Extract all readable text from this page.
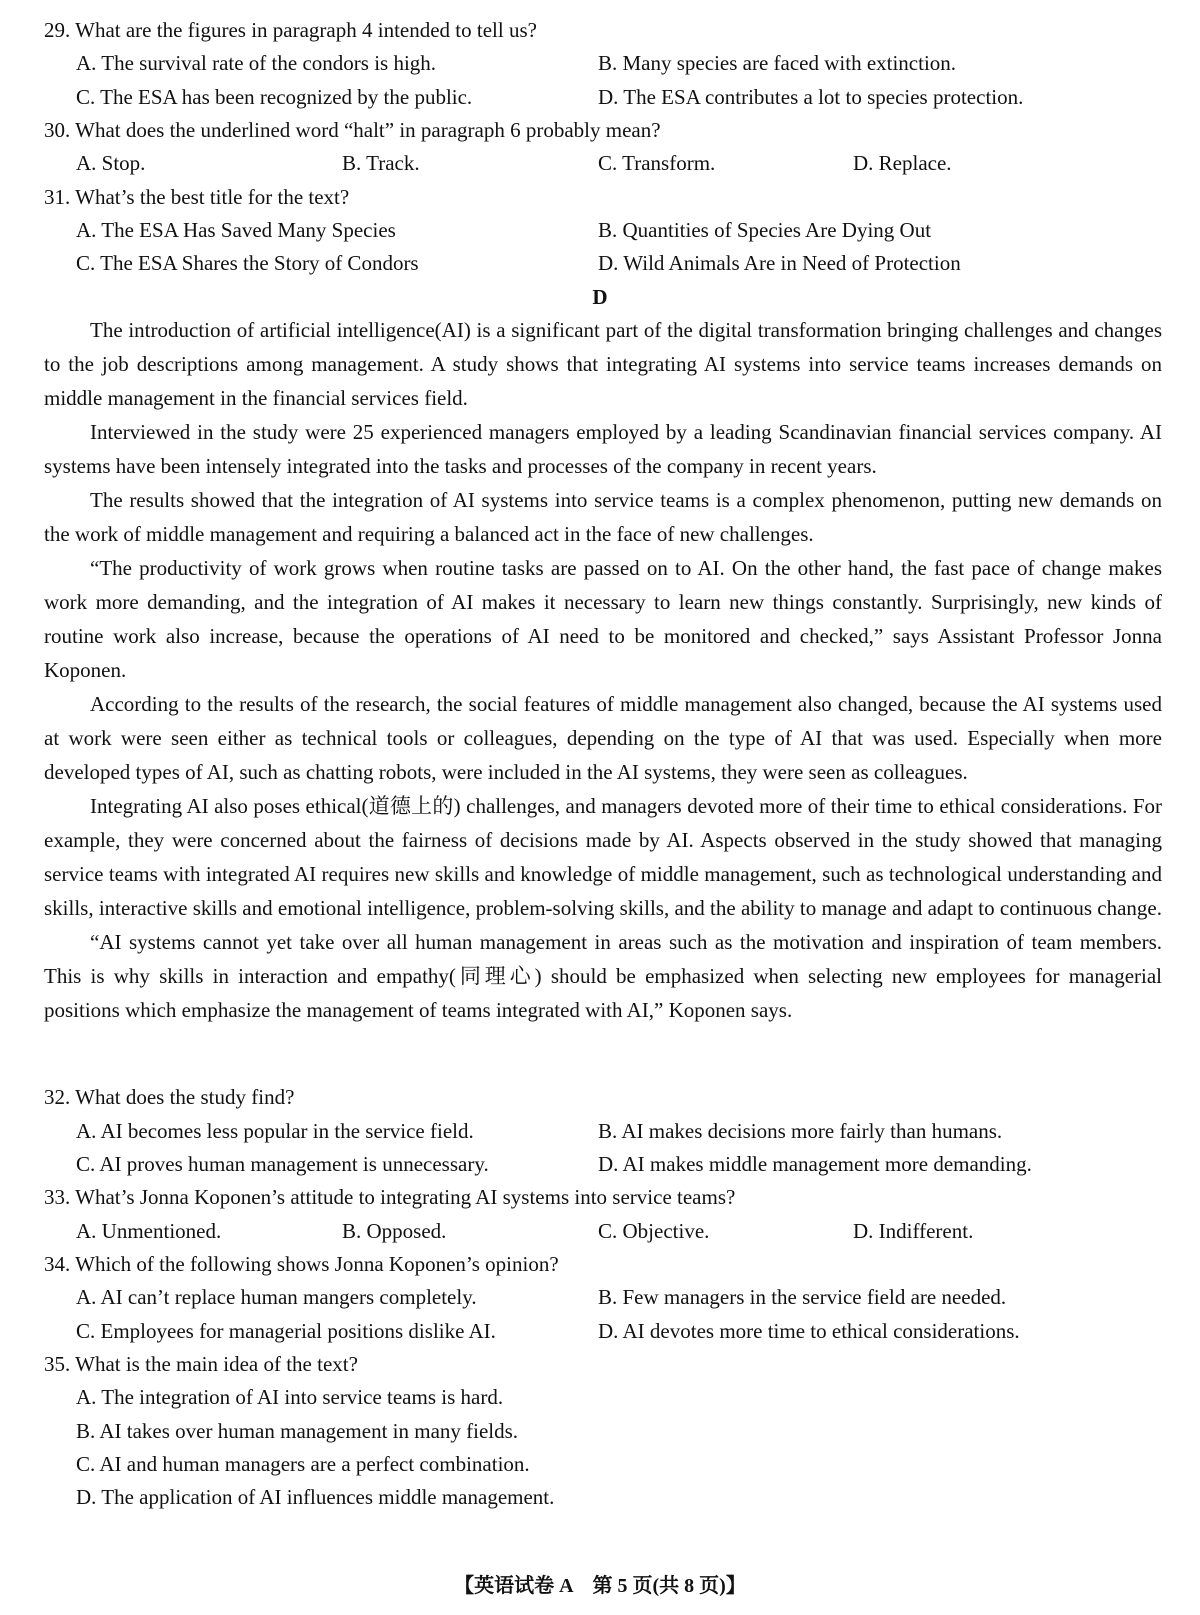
29. What are the figures in paragraph 4 intended to tell us?
A. The survival rate of the condors is high.	B. Many species are faced with extinction.
C. The ESA has been recognized by the public.	D. The ESA contributes a lot to species protection.
30. What does the underlined word “halt” in paragraph 6 probably mean?
A. Stop.	B. Track.	C. Transform.	D. Replace.
31. What’s the best title for the text?
A. The ESA Has Saved Many Species	B. Quantities of Species Are Dying Out
C. The ESA Shares the Story of Condors	D. Wild Animals Are in Need of Protection
D

The introduction of artificial intelligence(AI) is a significant part of the digital transformation bringing challenges and changes to the job descriptions among management. A study shows that integrating AI systems into service teams increases demands on middle management in the financial services field.

Interviewed in the study were 25 experienced managers employed by a leading Scandinavian financial services company. AI systems have been intensely integrated into the tasks and processes of the company in recent years.

The results showed that the integration of AI systems into service teams is a complex phenomenon, putting new demands on the work of middle management and requiring a balanced act in the face of new challenges.

“The productivity of work grows when routine tasks are passed on to AI. On the other hand, the fast pace of change makes work more demanding, and the integration of AI makes it necessary to learn new things constantly. Surprisingly, new kinds of routine work also increase, because the operations of AI need to be monitored and checked,” says Assistant Professor Jonna Koponen.

According to the results of the research, the social features of middle management also changed, because the AI systems used at work were seen either as technical tools or colleagues, depending on the type of AI that was used. Especially when more developed types of AI, such as chatting robots, were included in the AI systems, they were seen as colleagues.

Integrating AI also poses ethical(道德上的) challenges, and managers devoted more of their time to ethical considerations. For example, they were concerned about the fairness of decisions made by AI. Aspects observed in the study showed that managing service teams with integrated AI requires new skills and knowledge of middle management, such as technological understanding and skills, interactive skills and emotional intelligence, problem-solving skills, and the ability to manage and adapt to continuous change.

“AI systems cannot yet take over all human management in areas such as the motivation and inspiration of team members. This is why skills in interaction and empathy(同理心) should be emphasized when selecting new employees for managerial positions which emphasize the management of teams integrated with AI,” Koponen says.

32. What does the study find?
A. AI becomes less popular in the service field.	B. AI makes decisions more fairly than humans.
C. AI proves human management is unnecessary.	D. AI makes middle management more demanding.
33. What’s Jonna Koponen’s attitude to integrating AI systems into service teams?
A. Unmentioned.	B. Opposed.	C. Objective.	D. Indifferent.
34. Which of the following shows Jonna Koponen’s opinion?
A. AI can’t replace human mangers completely.	B. Few managers in the service field are needed.
C. Employees for managerial positions dislike AI.	D. AI devotes more time to ethical considerations.
35. What is the main idea of the text?
A. The integration of AI into service teams is hard.
B. AI takes over human management in many fields.
C. AI and human managers are a perfect combination.
D. The application of AI influences middle management.
【英语试卷 A　第 5 页(共 8 页)】
